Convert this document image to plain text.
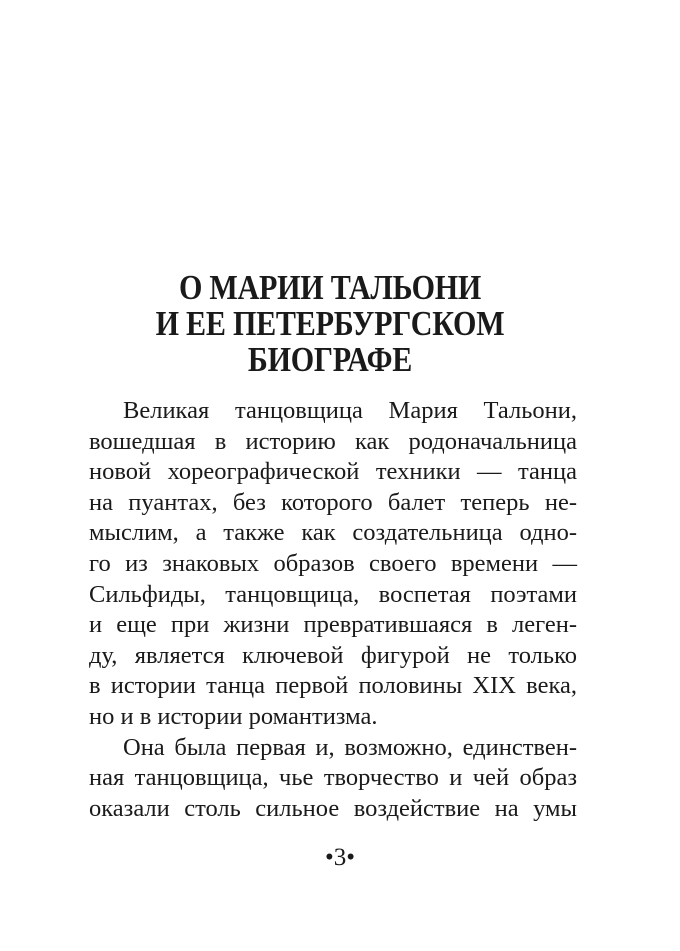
О МАРИИ ТАЛЬОНИ
И ЕЕ ПЕТЕРБУРГСКОМ
БИОГРАФЕ
Великая танцовщица Мария Тальони,
вошедшая в историю как родоначальница
новой хореографической техники — танца
на пуантах, без которого балет теперь не-
мыслим, а также как создательница одно-
го из знаковых образов своего времени —
Сильфиды, танцовщица, воспетая поэтами
и еще при жизни превратившаяся в леген-
ду, является ключевой фигурой не только
в истории танца первой половины XIX века,
но и в истории романтизма.
Она была первая и, возможно, единствен-
ная танцовщица, чье творчество и чей образ
оказали столь сильное воздействие на умы
•3•
